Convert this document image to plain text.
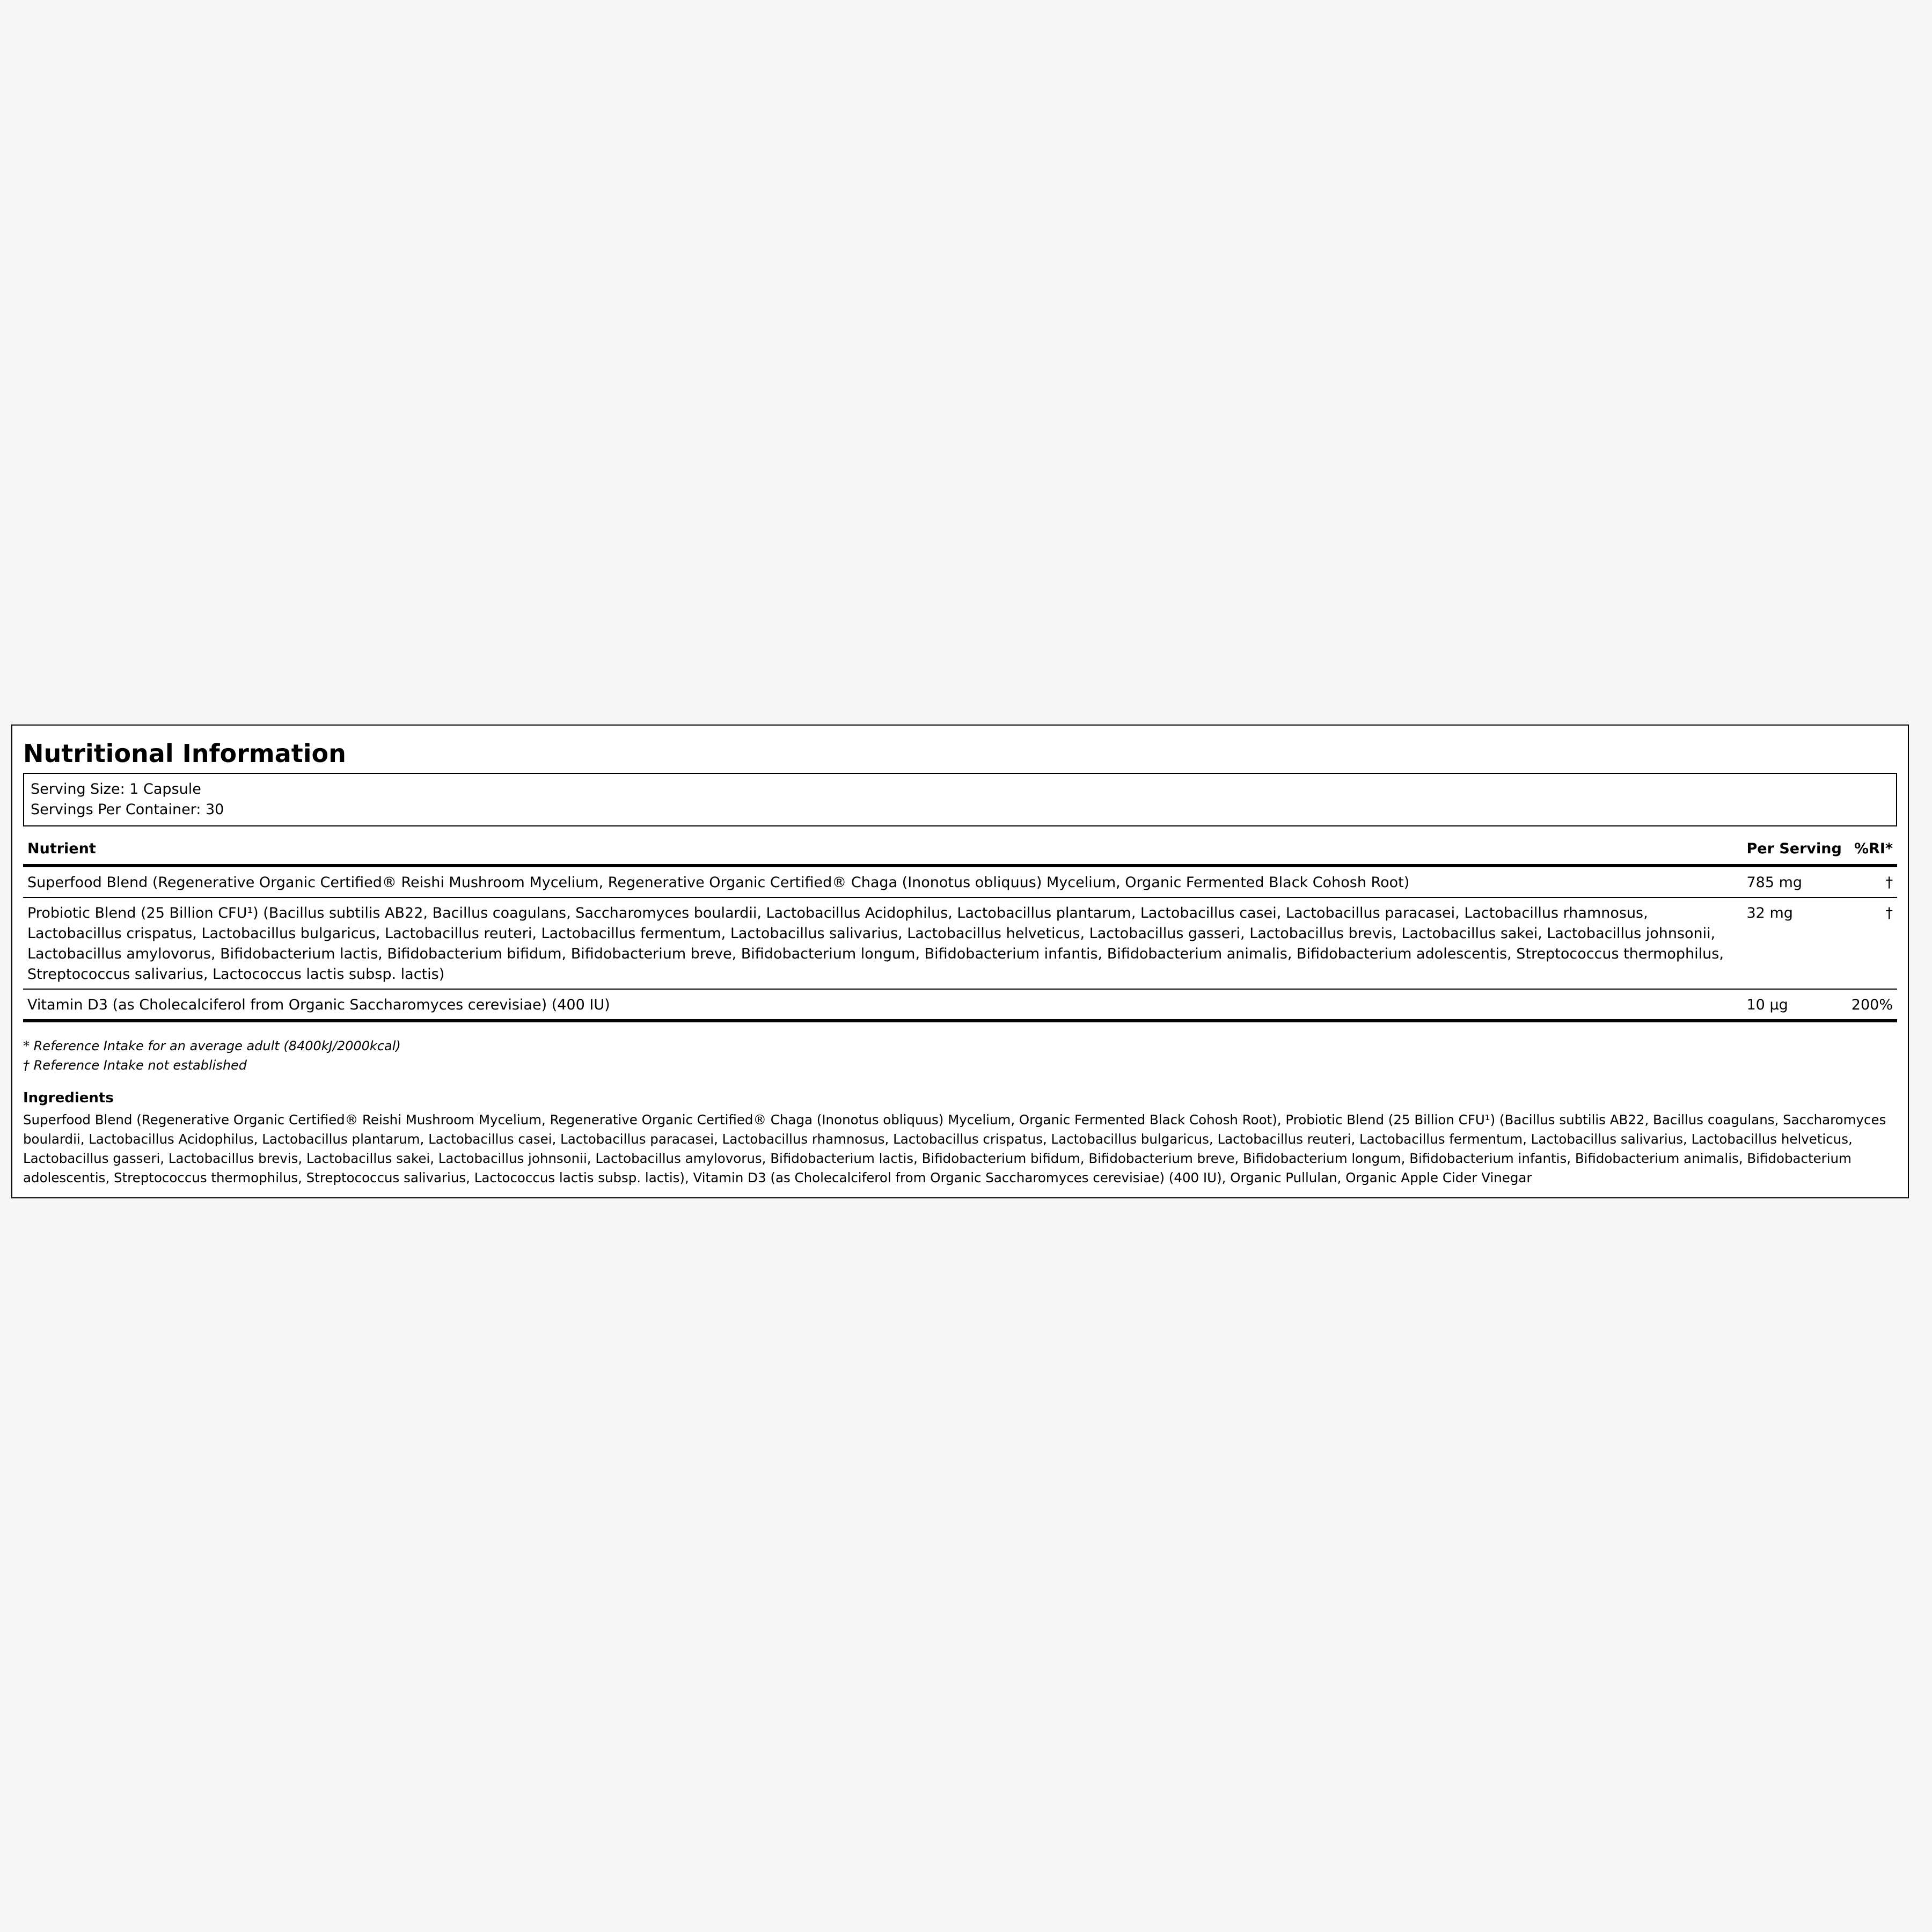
Nutritional Information
Serving Size: 1 Capsule
Servings Per Container: 30
Nutrient	Per Serving	%RI*
Superfood Blend (Regenerative Organic Certified® Reishi Mushroom Mycelium, Regenerative Organic Certified® Chaga (Inonotus obliquus) Mycelium, Organic Fermented Black Cohosh Root)	785 mg	†
Probiotic Blend (25 Billion CFU¹) (Bacillus subtilis AB22, Bacillus coagulans, Saccharomyces boulardii, Lactobacillus Acidophilus, Lactobacillus plantarum, Lactobacillus casei, Lactobacillus paracasei, Lactobacillus rhamnosus, Lactobacillus crispatus, Lactobacillus bulgaricus, Lactobacillus reuteri, Lactobacillus fermentum, Lactobacillus salivarius, Lactobacillus helveticus, Lactobacillus gasseri, Lactobacillus brevis, Lactobacillus sakei, Lactobacillus johnsonii, Lactobacillus amylovorus, Bifidobacterium lactis, Bifidobacterium bifidum, Bifidobacterium breve, Bifidobacterium longum, Bifidobacterium infantis, Bifidobacterium animalis, Bifidobacterium adolescentis, Streptococcus thermophilus, Streptococcus salivarius, Lactococcus lactis subsp. lactis)	32 mg	†
Vitamin D3 (as Cholecalciferol from Organic Saccharomyces cerevisiae) (400 IU)	10 µg	200%
* Reference Intake for an average adult (8400kJ/2000kcal)
† Reference Intake not established
Ingredients
Superfood Blend (Regenerative Organic Certified® Reishi Mushroom Mycelium, Regenerative Organic Certified® Chaga (Inonotus obliquus) Mycelium, Organic Fermented Black Cohosh Root), Probiotic Blend (25 Billion CFU¹) (Bacillus subtilis AB22, Bacillus coagulans, Saccharomyces boulardii, Lactobacillus Acidophilus, Lactobacillus plantarum, Lactobacillus casei, Lactobacillus paracasei, Lactobacillus rhamnosus, Lactobacillus crispatus, Lactobacillus bulgaricus, Lactobacillus reuteri, Lactobacillus fermentum, Lactobacillus salivarius, Lactobacillus helveticus, Lactobacillus gasseri, Lactobacillus brevis, Lactobacillus sakei, Lactobacillus johnsonii, Lactobacillus amylovorus, Bifidobacterium lactis, Bifidobacterium bifidum, Bifidobacterium breve, Bifidobacterium longum, Bifidobacterium infantis, Bifidobacterium animalis, Bifidobacterium adolescentis, Streptococcus thermophilus, Streptococcus salivarius, Lactococcus lactis subsp. lactis), Vitamin D3 (as Cholecalciferol from Organic Saccharomyces cerevisiae) (400 IU), Organic Pullulan, Organic Apple Cider Vinegar
